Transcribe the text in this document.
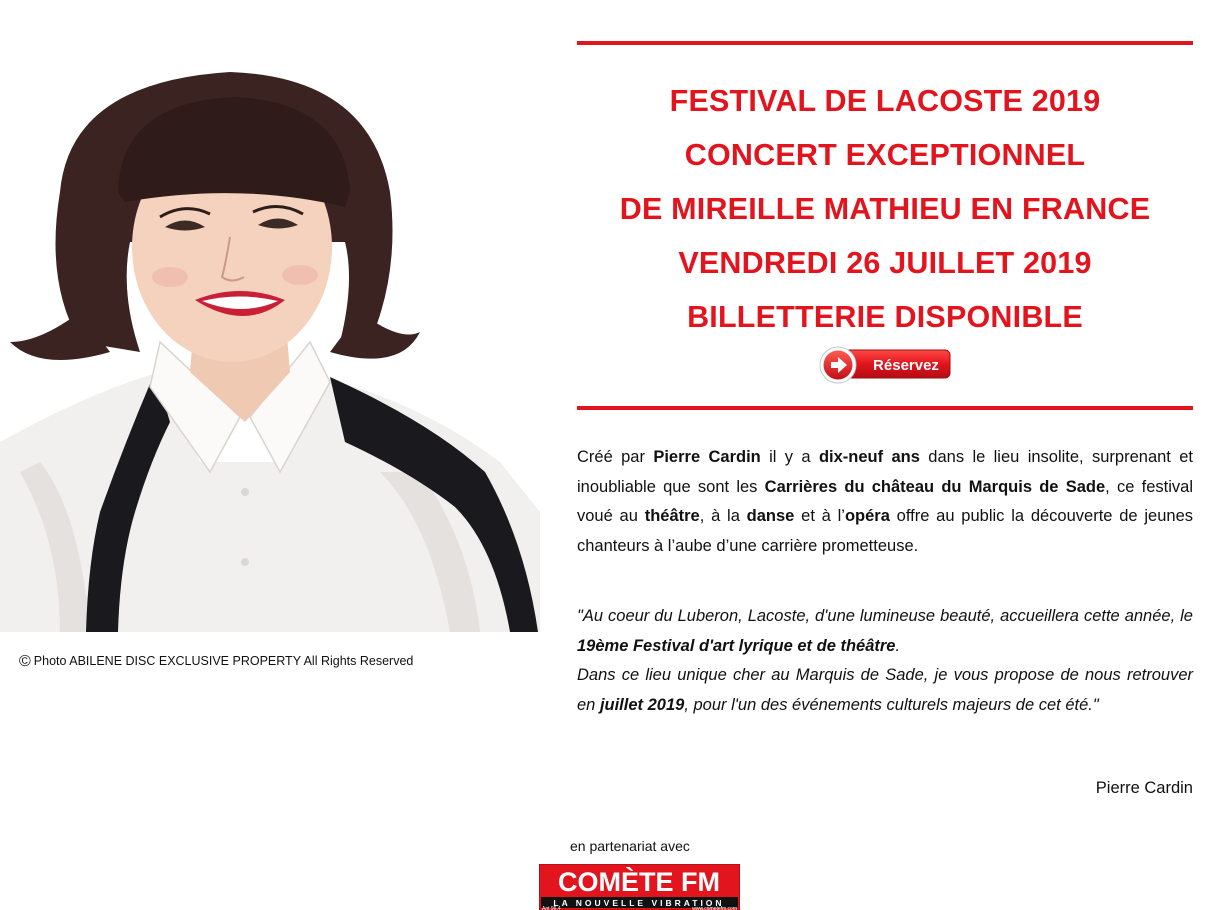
© Photo ABILENE DISC EXCLUSIVE PROPERTY All Rights Reserved
FESTIVAL DE LACOSTE 2019
CONCERT EXCEPTIONNEL
DE MIREILLE MATHIEU EN FRANCE
VENDREDI 26 JUILLET 2019
BILLETTERIE DISPONIBLE
Réservez

Créé par Pierre Cardin il y a dix-neuf ans dans le lieu insolite, surprenant et inoubliable que sont les Carrières du château du Marquis de Sade, ce festival voué au théâtre, à la danse et à l’opéra offre au public la découverte de jeunes chanteurs à l’aube d’une carrière prometteuse.

"Au coeur du Luberon, Lacoste, d'une lumineuse beauté, accueillera cette année, le 19ème Festival d'art lyrique et de théâtre.
Dans ce lieu unique cher au Marquis de Sade, je vous propose de nous retrouver en juillet 2019, pour l'un des événements culturels majeurs de cet été."

Pierre Cardin

en partenariat avec
COMÈTE FM
LA NOUVELLE VIBRATION
Ant 96.4	www.cometefm.com
